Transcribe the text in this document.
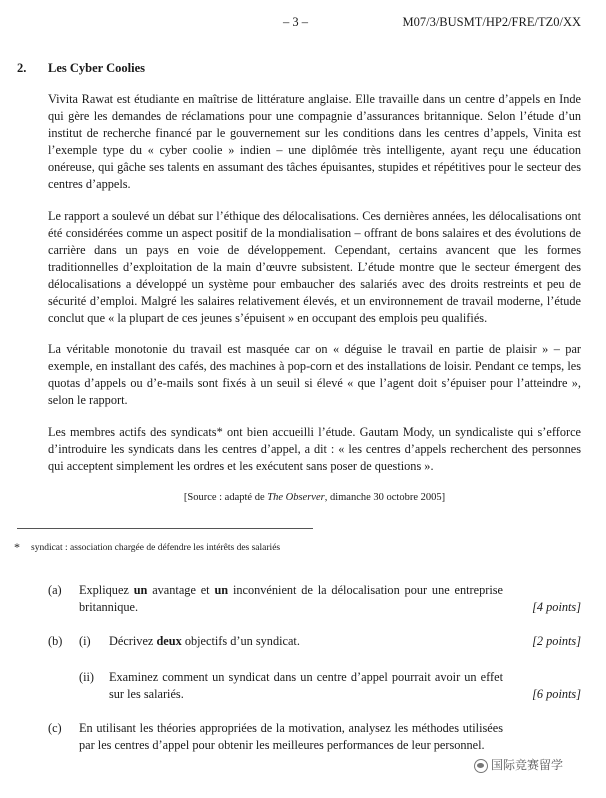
– 3 –	M07/3/BUSMT/HP2/FRE/TZ0/XX
2. Les Cyber Coolies

Vivita Rawat est étudiante en maîtrise de littérature anglaise. Elle travaille dans un centre d’appels en Inde qui gère les demandes de réclamations pour une compagnie d’assurances britannique. Selon l’étude d’un institut de recherche financé par le gouvernement sur les conditions dans les centres d’appels, Vinita est l’exemple type du « cyber coolie » indien – une diplômée très intelligente, ayant reçu une éducation onéreuse, qui gâche ses talents en assumant des tâches épuisantes, stupides et répétitives pour le secteur des centres d’appels.

Le rapport a soulevé un débat sur l’éthique des délocalisations. Ces dernières années, les délocalisations ont été considérées comme un aspect positif de la mondialisation – offrant de bons salaires et des évolutions de carrière dans un pays en voie de développement. Cependant, certains avancent que les formes traditionnelles d’exploitation de la main d’œuvre subsistent. L’étude montre que le secteur émergent des délocalisations a développé un système pour embaucher des salariés avec des droits restreints et peu de sécurité d’emploi. Malgré les salaires relativement élevés, et un environnement de travail moderne, l’étude conclut que « la plupart de ces jeunes s’épuisent » en occupant des emplois peu qualifiés.

La véritable monotonie du travail est masquée car on « déguise le travail en partie de plaisir » – par exemple, en installant des cafés, des machines à pop-corn et des installations de loisir. Pendant ce temps, les quotas d’appels ou d’e-mails sont fixés à un seuil si élevé « que l’agent doit s’épuiser pour l’atteindre », selon le rapport.

Les membres actifs des syndicats* ont bien accueilli l’étude. Gautam Mody, un syndicaliste qui s’efforce d’introduire les syndicats dans les centres d’appel, a dit : « les centres d’appels recherchent des personnes qui acceptent simplement les ordres et les exécutent sans poser de questions ».

[Source : adapté de The Observer, dimanche 30 octobre 2005]
* syndicat : association chargée de défendre les intérêts des salariés
(a) Expliquez un avantage et un inconvénient de la délocalisation pour une entreprise britannique.	[4 points]
(b) (i) Décrivez deux objectifs d’un syndicat.	[2 points]
(ii) Examinez comment un syndicat dans un centre d’appel pourrait avoir un effet sur les salariés.	[6 points]
(c) En utilisant les théories appropriées de la motivation, analysez les méthodes utilisées par les centres d’appel pour obtenir les meilleures performances de leur personnel.
国际竞赛留学
